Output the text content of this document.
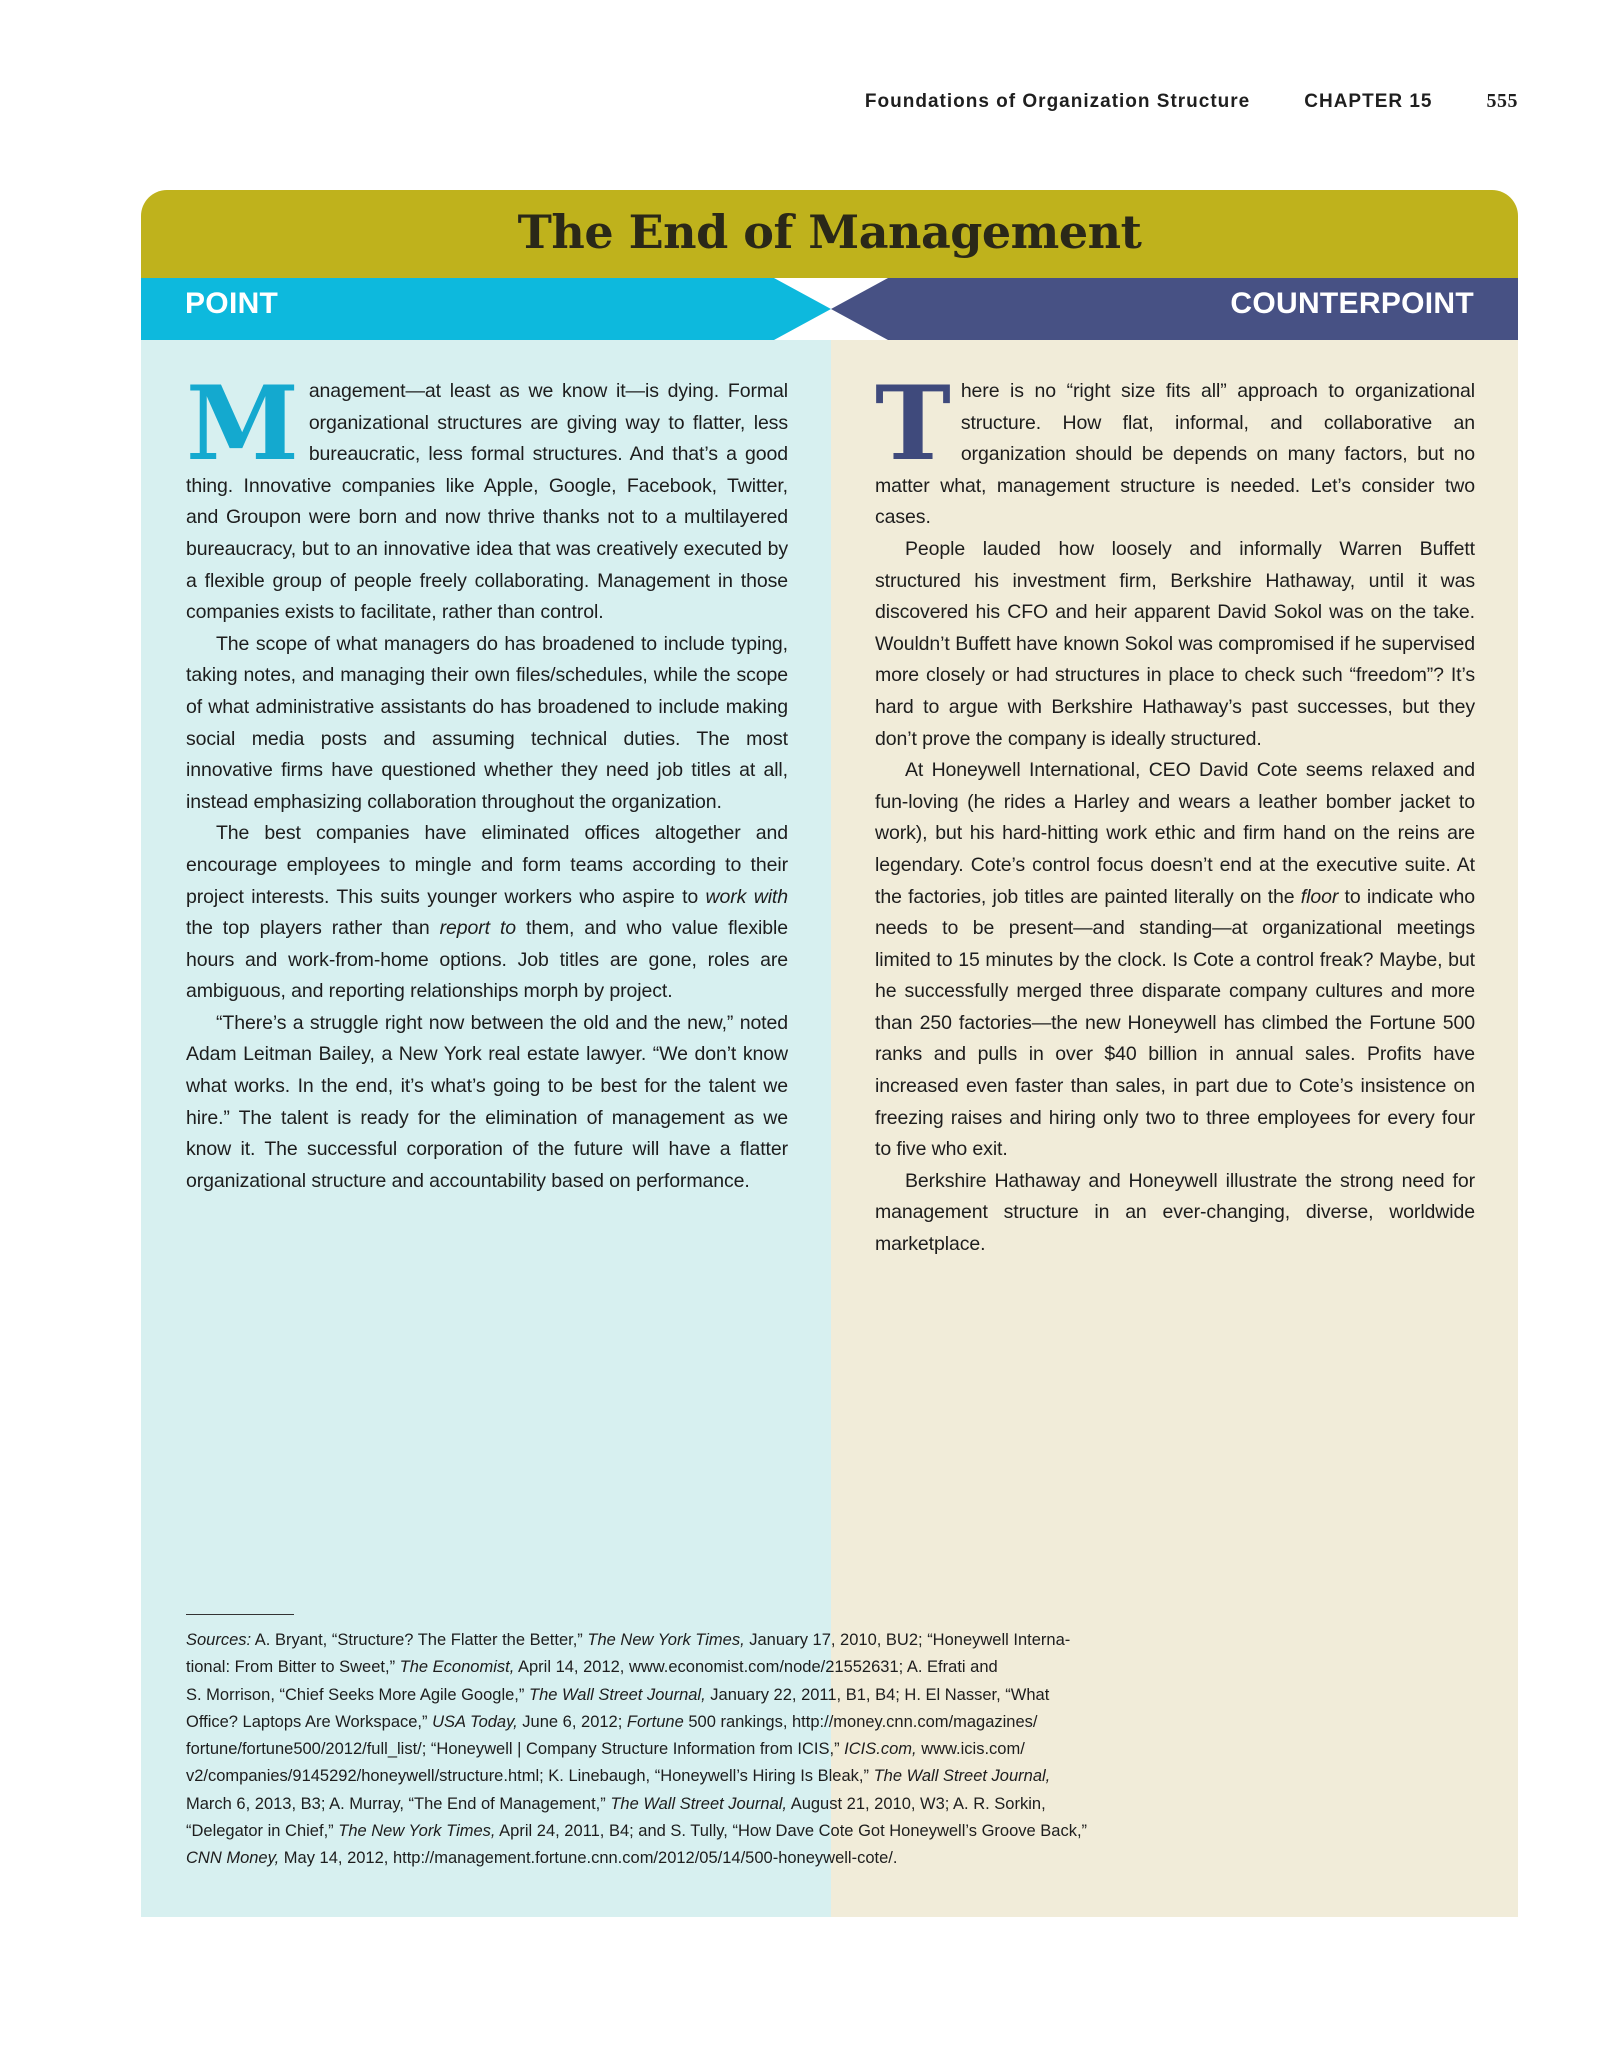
Foundations of Organization Structure	CHAPTER 15	555
The End of Management
POINT	COUNTERPOINT

Management—at least as we know it—is dying. Formal organizational structures are giving way to flatter, less bureaucratic, less formal structures. And that’s a good thing. Innovative companies like Apple, Google, Facebook, Twitter, and Groupon were born and now thrive thanks not to a multilayered bureaucracy, but to an innovative idea that was creatively executed by a flexible group of people freely collaborating. Management in those companies exists to facilitate, rather than control.

The scope of what managers do has broadened to include typing, taking notes, and managing their own files/schedules, while the scope of what administrative assistants do has broadened to include making social media posts and assuming technical duties. The most innovative firms have questioned whether they need job titles at all, instead emphasizing collaboration throughout the organization.

The best companies have eliminated offices altogether and encourage employees to mingle and form teams according to their project interests. This suits younger workers who aspire to work with the top players rather than report to them, and who value flexible hours and work-from-home options. Job titles are gone, roles are ambiguous, and reporting relationships morph by project.

“There’s a struggle right now between the old and the new,” noted Adam Leitman Bailey, a New York real estate lawyer. “We don’t know what works. In the end, it’s what’s going to be best for the talent we hire.” The talent is ready for the elimination of management as we know it. The successful corporation of the future will have a flatter organizational structure and accountability based on performance.

There is no “right size fits all” approach to organizational structure. How flat, informal, and collaborative an organization should be depends on many factors, but no matter what, management structure is needed. Let’s consider two cases.

People lauded how loosely and informally Warren Buffett structured his investment firm, Berkshire Hathaway, until it was discovered his CFO and heir apparent David Sokol was on the take. Wouldn’t Buffett have known Sokol was compromised if he supervised more closely or had structures in place to check such “freedom”? It’s hard to argue with Berkshire Hathaway’s past successes, but they don’t prove the company is ideally structured.

At Honeywell International, CEO David Cote seems relaxed and fun-loving (he rides a Harley and wears a leather bomber jacket to work), but his hard-hitting work ethic and firm hand on the reins are legendary. Cote’s control focus doesn’t end at the executive suite. At the factories, job titles are painted literally on the floor to indicate who needs to be present—and standing—at organizational meetings limited to 15 minutes by the clock. Is Cote a control freak? Maybe, but he successfully merged three disparate company cultures and more than 250 factories—the new Honeywell has climbed the Fortune 500 ranks and pulls in over $40 billion in annual sales. Profits have increased even faster than sales, in part due to Cote’s insistence on freezing raises and hiring only two to three employees for every four to five who exit.

Berkshire Hathaway and Honeywell illustrate the strong need for management structure in an ever-changing, diverse, worldwide marketplace.

Sources: A. Bryant, “Structure? The Flatter the Better,” The New York Times, January 17, 2010, BU2; “Honeywell Interna-

tional: From Bitter to Sweet,” The Economist, April 14, 2012, www.economist.com/node/21552631; A. Efrati and

S. Morrison, “Chief Seeks More Agile Google,” The Wall Street Journal, January 22, 2011, B1, B4; H. El Nasser, “What

Office? Laptops Are Workspace,” USA Today, June 6, 2012; Fortune 500 rankings, http://money.cnn.com/magazines/

fortune/fortune500/2012/full_list/; “Honeywell | Company Structure Information from ICIS,” ICIS.com, www.icis.com/

v2/companies/9145292/honeywell/structure.html; K. Linebaugh, “Honeywell’s Hiring Is Bleak,” The Wall Street Journal,

March 6, 2013, B3; A. Murray, “The End of Management,” The Wall Street Journal, August 21, 2010, W3; A. R. Sorkin,

“Delegator in Chief,” The New York Times, April 24, 2011, B4; and S. Tully, “How Dave Cote Got Honeywell’s Groove Back,”

CNN Money, May 14, 2012, http://management.fortune.cnn.com/2012/05/14/500-honeywell-cote/.
